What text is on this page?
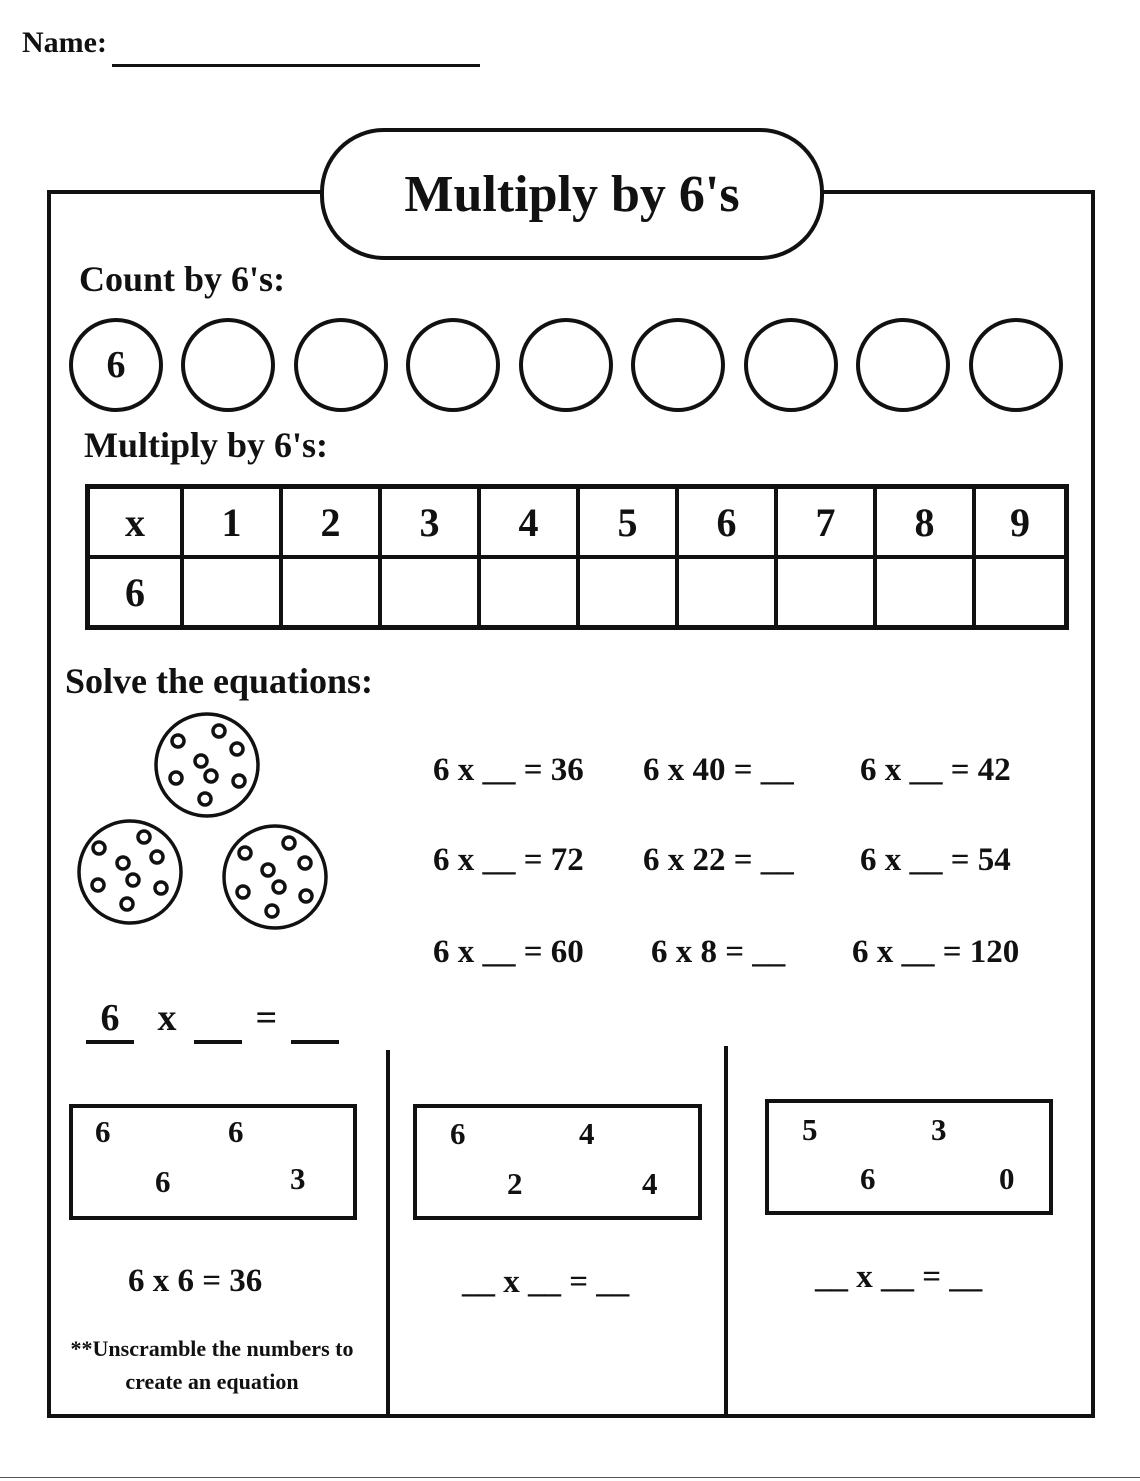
Name:
Multiply by 6's
Count by 6's:
6
Multiply by 6's:
x	1	2	3	4	5	6	7	8	9
6									
Solve the equations:
6 x __ = 36 6 x 40 = __ 6 x __ = 42
6 x __ = 72 6 x 22 = __ 6 x __ = 54
6 x __ = 60 6 x 8 = __ 6 x __ = 120
6 x =
6	6
6	3
6 x 6 = 36
6	4
2	4
__ x __ = __
5	3
6	0
__ x __ = __
**Unscramble the numbers to create an equation
